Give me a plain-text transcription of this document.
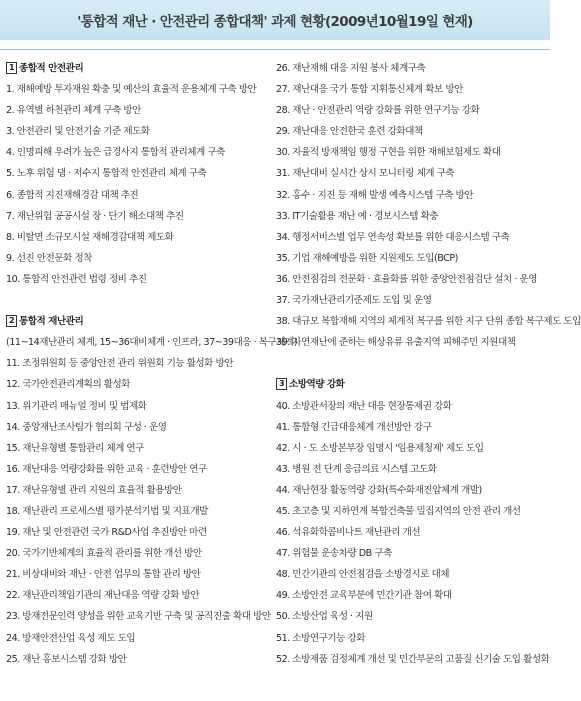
'통합적 재난 · 안전관리 종합대책' 과제 현황(2009년10월19일 현재)
1 종합적 안전관리
1. 재해예방 투자재원 확충 및 예산의 효율적 운용체계 구축 방안
2. 유역별 하천관리 체계 구축 방안
3. 안전관리 및 안전기술 기준 제도화
4. 인명피해 우려가 높은 급경사지 통합적 관리체계 구축
5. 노후 위험 댐 · 저수지 통합적 안전관리 체계 구축
6. 종합적 지진재해경감 대책 추진
7. 재난위험 공공시설 장 · 단기 해소대책 추진
8. 비탈면 소규모시설 재해경감대책 제도화
9. 선진 안전문화 정착
10. 통합적 안전관련 법령 정비 추진
2 통합적 재난관리
(11~14재난관리 체계, 15~36대비체계 · 인프라, 37~39대응 · 복구체계)
11. 조정위원회 등 중앙안전 관리 위원회 기능 활성화 방안
12. 국가안전관리계획의 활성화
13. 위기관리 매뉴얼 정비 및 법제화
14. 중앙재난조사팀가 협의회 구성 · 운영
15. 재난유형별 통합관리 체계 연구
16. 재난대응 역량강화를 위한 교육 · 훈련방안 연구
17. 재난유형별 관리 지원의 효율적 활용방안
18. 재난관리 프로세스별 평가분석기법 및 지표개발
19. 재난 및 안전관련 국가 R&D사업 추진방안 마련
20. 국가기반체계의 효율적 관리를 위한 개선 방안
21. 비상대비와 재난 · 안전 업무의 통합 관리 방안
22. 재난관리책임기관의 재난대응 역량 강화 방안
23. 방재전문인력 양성을 위한 교육기반 구축 및 공직진출 확대 방안
24. 방재안전산업 육성 제도 도입
25. 재난 홍보시스템 강화 방안
26. 재난재해 대응 지원 봉사 체계구축
27. 재난대응 국가 통합 지휘통신체계 확보 방안
28. 재난 · 안전관리 역량 강화를 위한 연구기능 강화
29. 재난대응 안전한국 훈련 강화대책
30. 자율적 방재책임 행정 구현을 위한 재해보험제도 확대
31. 재난대비 실시간 상시 모니터링 체계 구축
32. 홍수 · 지진 등 재해 발생 예측시스템 구축 방안
33. IT기술활용 재난 예 · 경보시스템 확충
34. 행정서비스별 업무 연속성 확보를 위한 대응시스템 구축
35. 기업 재해예방을 위한 지원제도 도입(BCP)
36. 안전점검의 전문화 · 효율화를 위한 중앙안전점검단 설치 · 운영
37. 국가재난관리기준제도 도입 및 운영
38. 대규모 복합재해 지역의 체계적 복구를 위한 지구 단위 종합 복구제도 도입
39. 자연재난에 준하는 해상유류 유출지역 피해주민 지원대책
3 소방역량 강화
40. 소방관서장의 재난 대응 현장통제권 강화
41. 통합형 긴급대응체계 개선방안 강구
42. 시 · 도 소방본부장 임명시 '임용제청제' 제도 도입
43. 병원 전 단계 응급의료 시스템 고도화
44. 재난현장 활동역량 강화(특수화재진압체계 개발)
45. 초고층 및 지하연계 복합건축물 밀집지역의 안전 관리 개선
46. 석유화학콤비나트 재난관리 개선
47. 위험물 운송차량 DB 구축
48. 민간기관의 안전점검을 소방경시로 대체
49. 소방안전 교육부분에 민간기관 참여 확대
50. 소방산업 육성 · 지원
51. 소방연구기능 강화
52. 소방제품 검정체계 개선 및 민간부문의 고품질 신기술 도입 활성화
